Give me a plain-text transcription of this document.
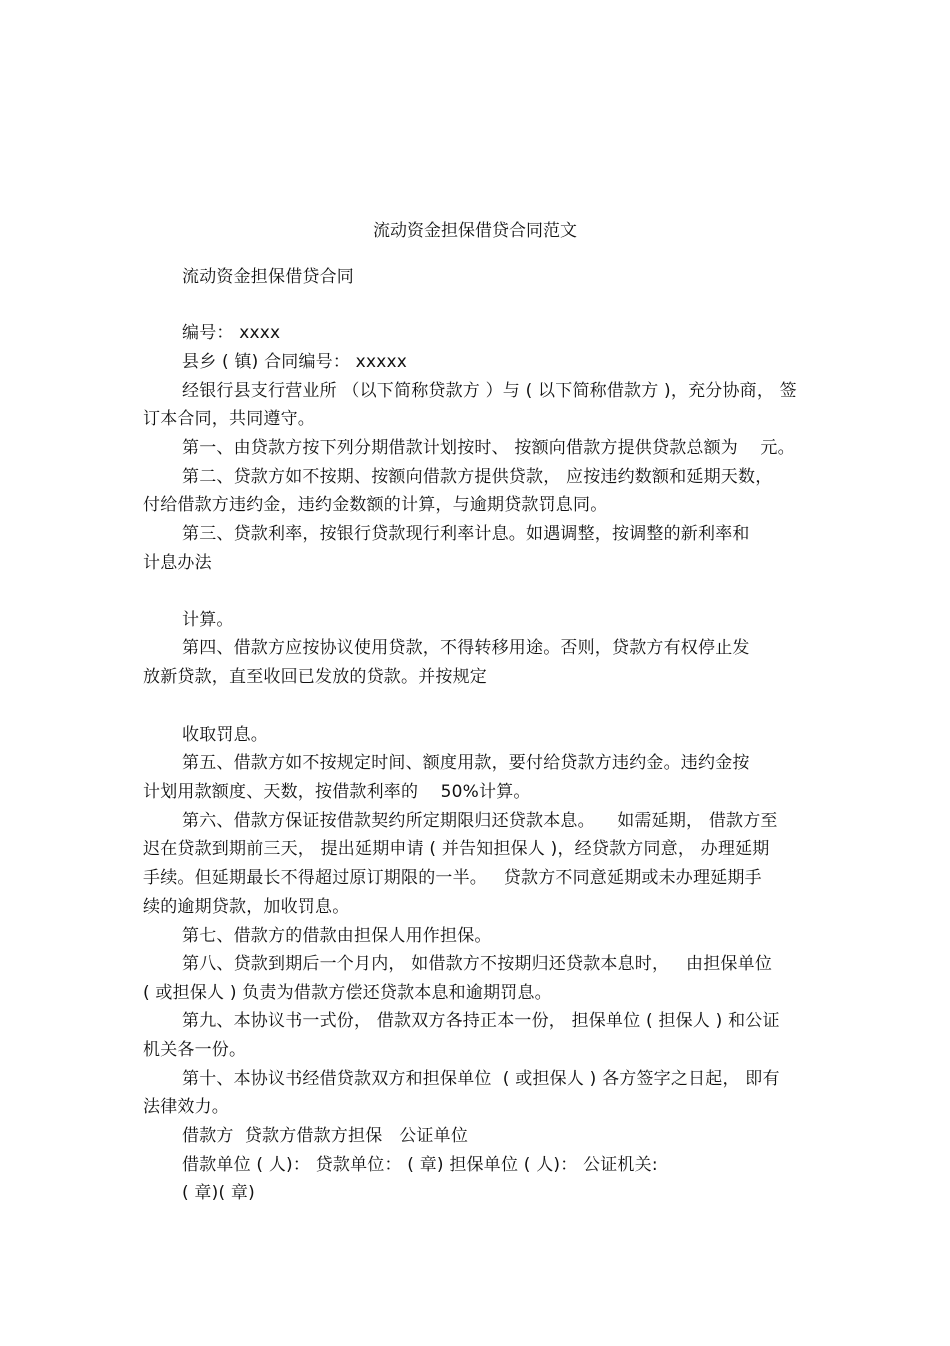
流动资金担保借贷合同范文
流动资金担保借贷合同
编号： xxxx
县乡 ( 镇) 合同编号： xxxxx
经银行县支行营业所 （以下简称贷款方 ）与 ( 以下简称借款方 )，充分协商， 签
订本合同，共同遵守。
第一、由贷款方按下列分期借款计划按时、 按额向借款方提供贷款总额为    元。
第二、贷款方如不按期、按额向借款方提供贷款， 应按违约数额和延期天数，
付给借款方违约金，违约金数额的计算，与逾期贷款罚息同。
第三、贷款利率，按银行贷款现行利率计息。如遇调整，按调整的新利率和
计息办法
计算。
第四、借款方应按协议使用贷款，不得转移用途。否则，贷款方有权停止发
放新贷款，直至收回已发放的贷款。并按规定
收取罚息。
第五、借款方如不按规定时间、额度用款，要付给贷款方违约金。违约金按
计划用款额度、天数，按借款利率的    50%计算。
第六、借款方保证按借款契约所定期限归还贷款本息。    如需延期， 借款方至
迟在贷款到期前三天， 提出延期申请 ( 并告知担保人 )，经贷款方同意， 办理延期
手续。但延期最长不得超过原订期限的一半。   贷款方不同意延期或未办理延期手
续的逾期贷款，加收罚息。
第七、借款方的借款由担保人用作担保。
第八、贷款到期后一个月内， 如借款方不按期归还贷款本息时，   由担保单位
( 或担保人 ) 负责为借款方偿还贷款本息和逾期罚息。
第九、本协议书一式份， 借款双方各持正本一份， 担保单位 ( 担保人 ) 和公证
机关各一份。
第十、本协议书经借贷款双方和担保单位  ( 或担保人 ) 各方签字之日起， 即有
法律效力。
借款方  贷款方借款方担保   公证单位
借款单位 ( 人)： 贷款单位： ( 章) 担保单位 ( 人)： 公证机关:
( 章)( 章)
